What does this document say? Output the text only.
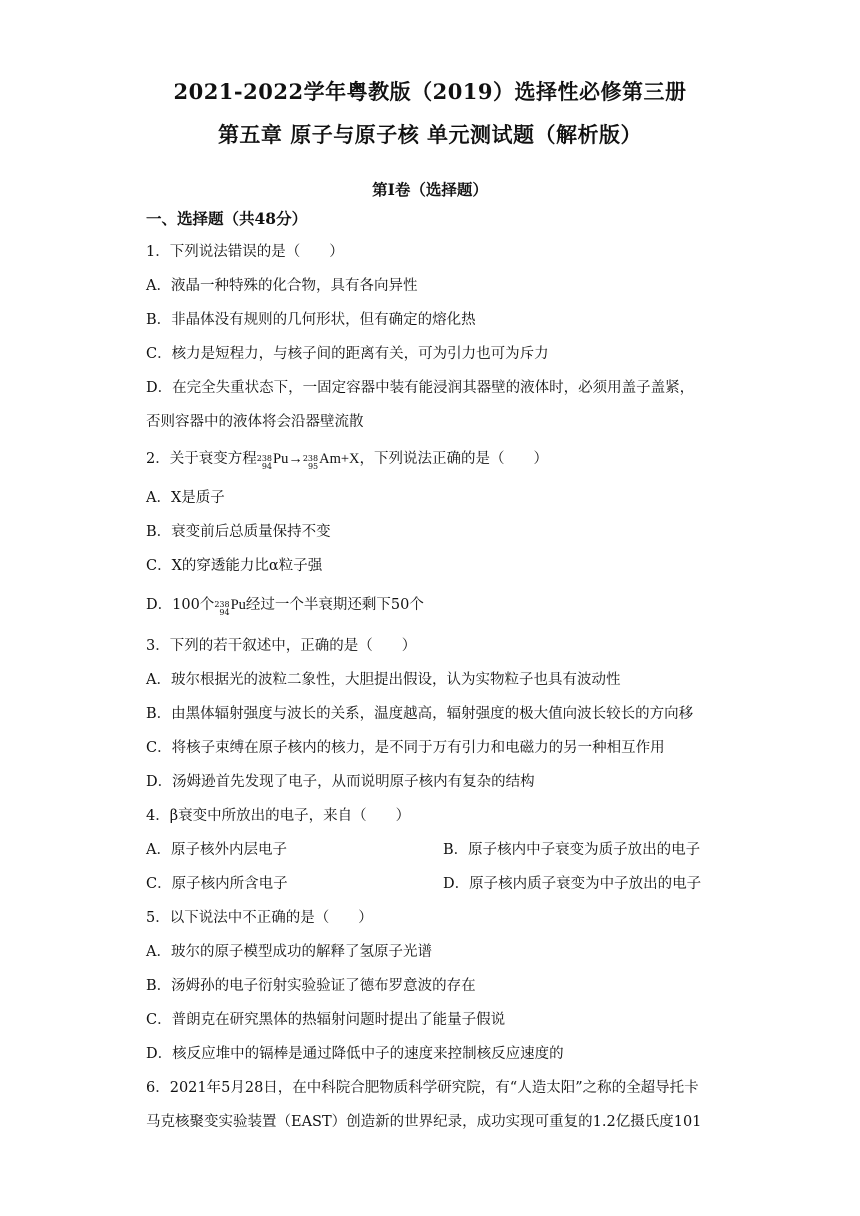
2021-2022学年粤教版（2019）选择性必修第三册
第五章 原子与原子核 单元测试题（解析版）
第Ⅰ卷（选择题）
一、选择题（共48分）
1．下列说法错误的是（　　）
A．液晶一种特殊的化合物，具有各向异性
B．非晶体没有规则的几何形状，但有确定的熔化热
C．核力是短程力，与核子间的距离有关，可为引力也可为斥力
D．在完全失重状态下，一固定容器中装有能浸润其器壁的液体时，必须用盖子盖紧，
否则容器中的液体将会沿器壁流散
2．关于衰变方程 238
94 Pu→ 238
95 Am+X，下列说法正确的是（　　）
A．X是质子
B．衰变前后总质量保持不变
C．X的穿透能力比α粒子强
D．100个 238
94 Pu经过一个半衰期还剩下50个
3．下列的若干叙述中，正确的是（　　）
A．玻尔根据光的波粒二象性，大胆提出假设，认为实物粒子也具有波动性
B．由黑体辐射强度与波长的关系，温度越高，辐射强度的极大值向波长较长的方向移
C．将核子束缚在原子核内的核力，是不同于万有引力和电磁力的另一种相互作用
D．汤姆逊首先发现了电子，从而说明原子核内有复杂的结构
4．β衰变中所放出的电子，来自（　　）
A．原子核外内层电子	B．原子核内中子衰变为质子放出的电子
C．原子核内所含电子	D．原子核内质子衰变为中子放出的电子
5．以下说法中不正确的是（　　）
A．玻尔的原子模型成功的解释了氢原子光谱
B．汤姆孙的电子衍射实验验证了德布罗意波的存在
C．普朗克在研究黑体的热辐射问题时提出了能量子假说
D．核反应堆中的镉棒是通过降低中子的速度来控制核反应速度的
6．2021年5月28日，在中科院合肥物质科学研究院，有“人造太阳”之称的全超导托卡
马克核聚变实验装置（EAST）创造新的世界纪录，成功实现可重复的1.2亿摄氏度101
